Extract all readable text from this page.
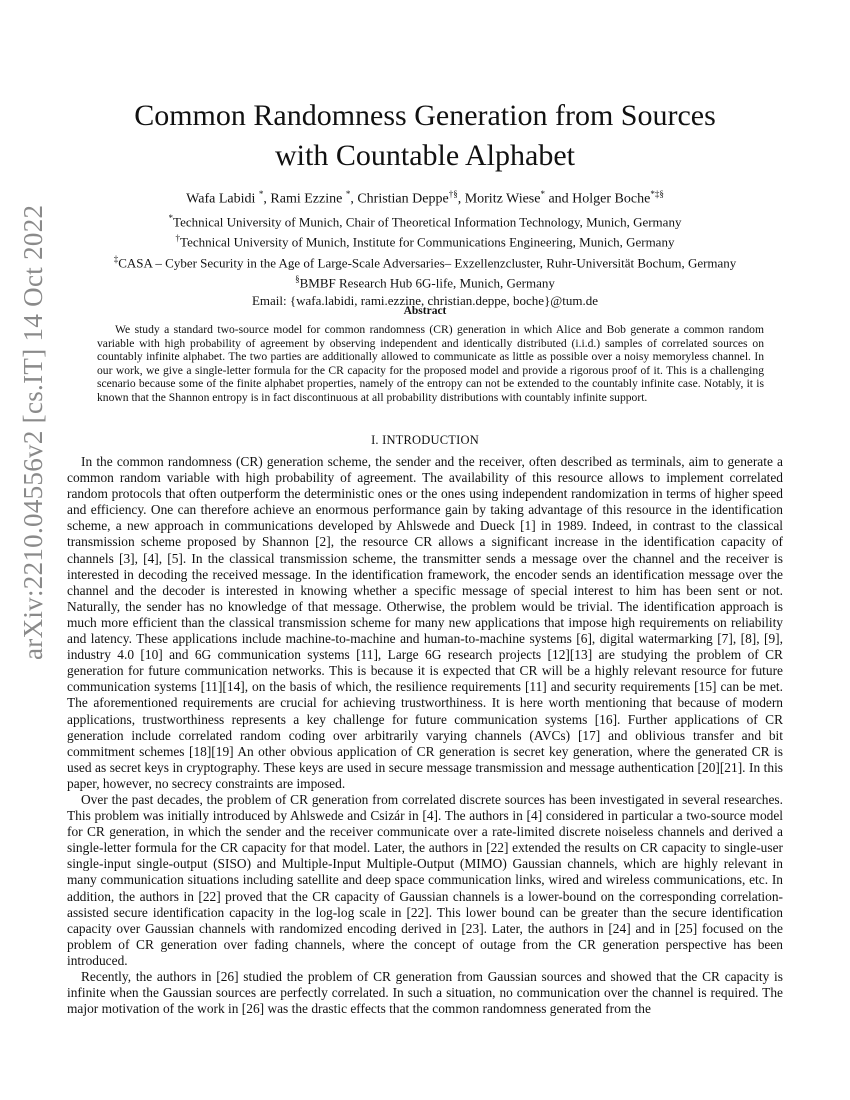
arXiv:2210.04556v2 [cs.IT] 14 Oct 2022
Common Randomness Generation from Sources
with Countable Alphabet
Wafa Labidi *, Rami Ezzine *, Christian Deppe†§, Moritz Wiese* and Holger Boche*‡§
*Technical University of Munich, Chair of Theoretical Information Technology, Munich, Germany
†Technical University of Munich, Institute for Communications Engineering, Munich, Germany
‡CASA – Cyber Security in the Age of Large-Scale Adversaries– Exzellenzcluster, Ruhr-Universität Bochum, Germany
§BMBF Research Hub 6G-life, Munich, Germany
Email: {wafa.labidi, rami.ezzine, christian.deppe, boche}@tum.de
Abstract
We study a standard two-source model for common randomness (CR) generation in which Alice and Bob generate a common random variable with high probability of agreement by observing independent and identically distributed (i.i.d.) samples of correlated sources on countably infinite alphabet. The two parties are additionally allowed to communicate as little as possible over a noisy memoryless channel. In our work, we give a single-letter formula for the CR capacity for the proposed model and provide a rigorous proof of it. This is a challenging scenario because some of the finite alphabet properties, namely of the entropy can not be extended to the countably infinite case. Notably, it is known that the Shannon entropy is in fact discontinuous at all probability distributions with countably infinite support.
I. INTRODUCTION

In the common randomness (CR) generation scheme, the sender and the receiver, often described as terminals, aim to generate a common random variable with high probability of agreement. The availability of this resource allows to implement correlated random protocols that often outperform the deterministic ones or the ones using independent randomization in terms of higher speed and efficiency. One can therefore achieve an enormous performance gain by taking advantage of this resource in the identification scheme, a new approach in communications developed by Ahlswede and Dueck [1] in 1989. Indeed, in contrast to the classical transmission scheme proposed by Shannon [2], the resource CR allows a significant increase in the identification capacity of channels [3], [4], [5]. In the classical transmission scheme, the transmitter sends a message over the channel and the receiver is interested in decoding the received message. In the identification framework, the encoder sends an identification message over the channel and the decoder is interested in knowing whether a specific message of special interest to him has been sent or not. Naturally, the sender has no knowledge of that message. Otherwise, the problem would be trivial. The identification approach is much more efficient than the classical transmission scheme for many new applications that impose high requirements on reliability and latency. These applications include machine-to-machine and human-to-machine systems [6], digital watermarking [7], [8], [9], industry 4.0 [10] and 6G communication systems [11], Large 6G research projects [12][13] are studying the problem of CR generation for future communication networks. This is because it is expected that CR will be a highly relevant resource for future communication systems [11][14], on the basis of which, the resilience requirements [11] and security requirements [15] can be met. The aforementioned requirements are crucial for achieving trustworthiness. It is here worth mentioning that because of modern applications, trustworthiness represents a key challenge for future communication systems [16]. Further applications of CR generation include correlated random coding over arbitrarily varying channels (AVCs) [17] and oblivious transfer and bit commitment schemes [18][19] An other obvious application of CR generation is secret key generation, where the generated CR is used as secret keys in cryptography. These keys are used in secure message transmission and message authentication [20][21]. In this paper, however, no secrecy constraints are imposed.

Over the past decades, the problem of CR generation from correlated discrete sources has been investigated in several researches. This problem was initially introduced by Ahlswede and Csizár in [4]. The authors in [4] considered in particular a two-source model for CR generation, in which the sender and the receiver communicate over a rate-limited discrete noiseless channels and derived a single-letter formula for the CR capacity for that model. Later, the authors in [22] extended the results on CR capacity to single-user single-input single-output (SISO) and Multiple-Input Multiple-Output (MIMO) Gaussian channels, which are highly relevant in many communication situations including satellite and deep space communication links, wired and wireless communications, etc. In addition, the authors in [22] proved that the CR capacity of Gaussian channels is a lower-bound on the corresponding correlation-assisted secure identification capacity in the log-log scale in [22]. This lower bound can be greater than the secure identification capacity over Gaussian channels with randomized encoding derived in [23]. Later, the authors in [24] and in [25] focused on the problem of CR generation over fading channels, where the concept of outage from the CR generation perspective has been introduced.

Recently, the authors in [26] studied the problem of CR generation from Gaussian sources and showed that the CR capacity is infinite when the Gaussian sources are perfectly correlated. In such a situation, no communication over the channel is required. The major motivation of the work in [26] was the drastic effects that the common randomness generated from the
